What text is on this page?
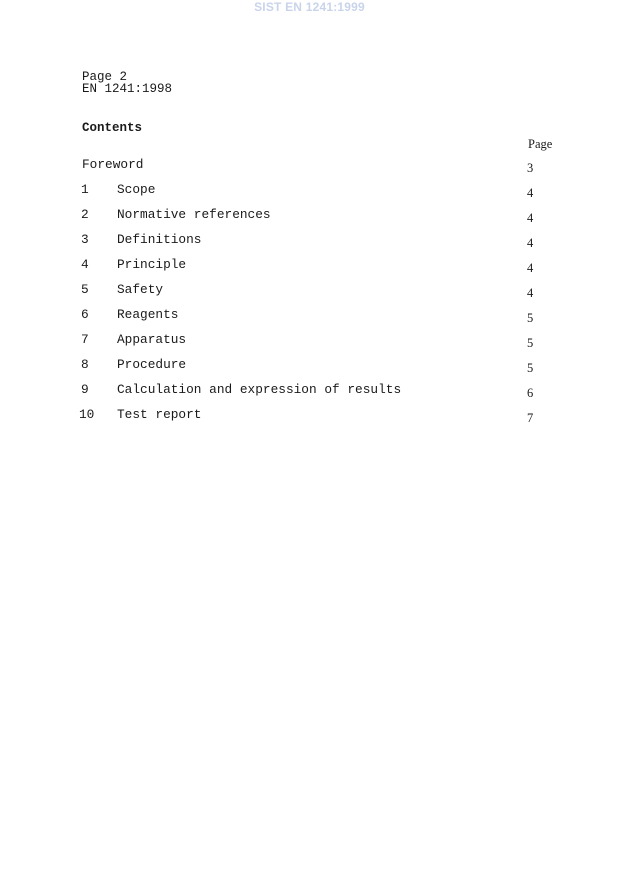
SIST EN 1241:1999
Page 2
EN 1241:1998
Contents
Page
Foreword	3
1 Scope	4
2 Normative references	4
3 Definitions	4
4 Principle	4
5 Safety	4
6 Reagents	5
7 Apparatus	5
8 Procedure	5
9 Calculation and expression of results	6
10 Test report	7
